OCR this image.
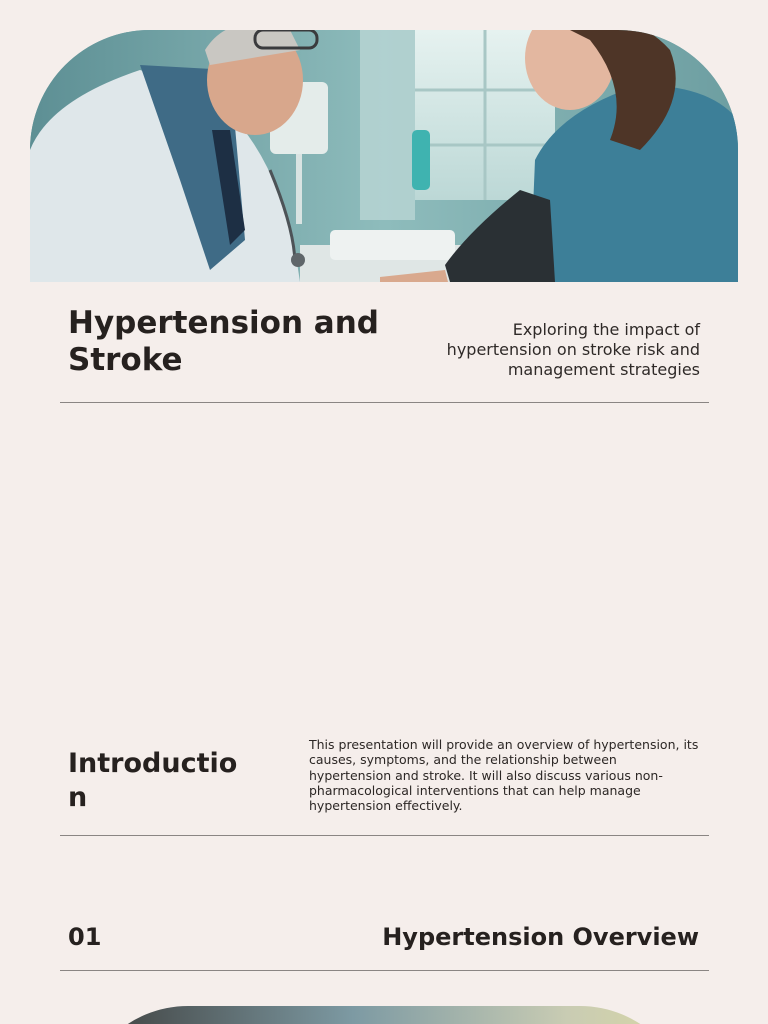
Hypertension and Stroke

Exploring the impact of hypertension on stroke risk and management strategies

Introduction

This presentation will provide an overview of hypertension, its causes, symptoms, and the relationship between hypertension and stroke. It will also discuss various non-pharmacological interventions that can help manage hypertension effectively.

01	Hypertension Overview
